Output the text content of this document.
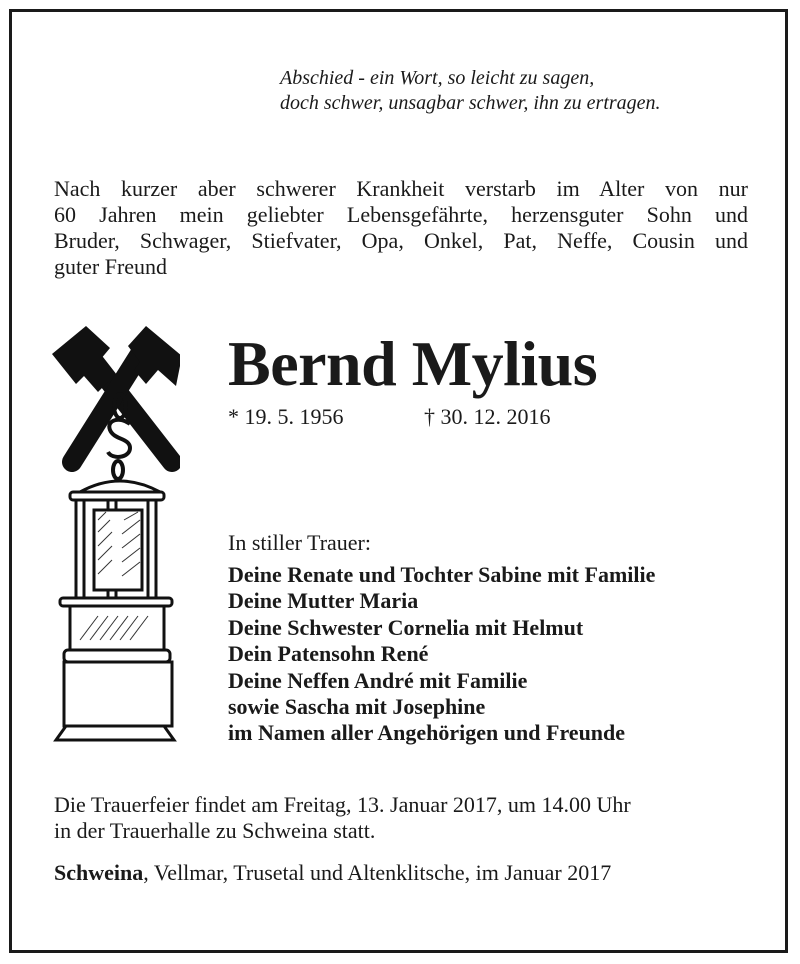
Abschied - ein Wort, so leicht zu sagen,
doch schwer, unsagbar schwer, ihn zu ertragen.
Nach kurzer aber schwerer Krankheit verstarb im Alter von nur
60 Jahren mein geliebter Lebensgefährte, herzensguter Sohn und
Bruder, Schwager, Stiefvater, Opa, Onkel, Pat, Neffe, Cousin und
guter Freund
Bernd Mylius
* 19. 5. 1956	† 30. 12. 2016
In stiller Trauer:
Deine Renate und Tochter Sabine mit Familie
Deine Mutter Maria
Deine Schwester Cornelia mit Helmut
Dein Patensohn René
Deine Neffen André mit Familie
sowie Sascha mit Josephine
im Namen aller Angehörigen und Freunde
Die Trauerfeier findet am Freitag, 13. Januar 2017, um 14.00 Uhr
in der Trauerhalle zu Schweina statt.
Schweina, Vellmar, Trusetal und Altenklitsche, im Januar 2017
